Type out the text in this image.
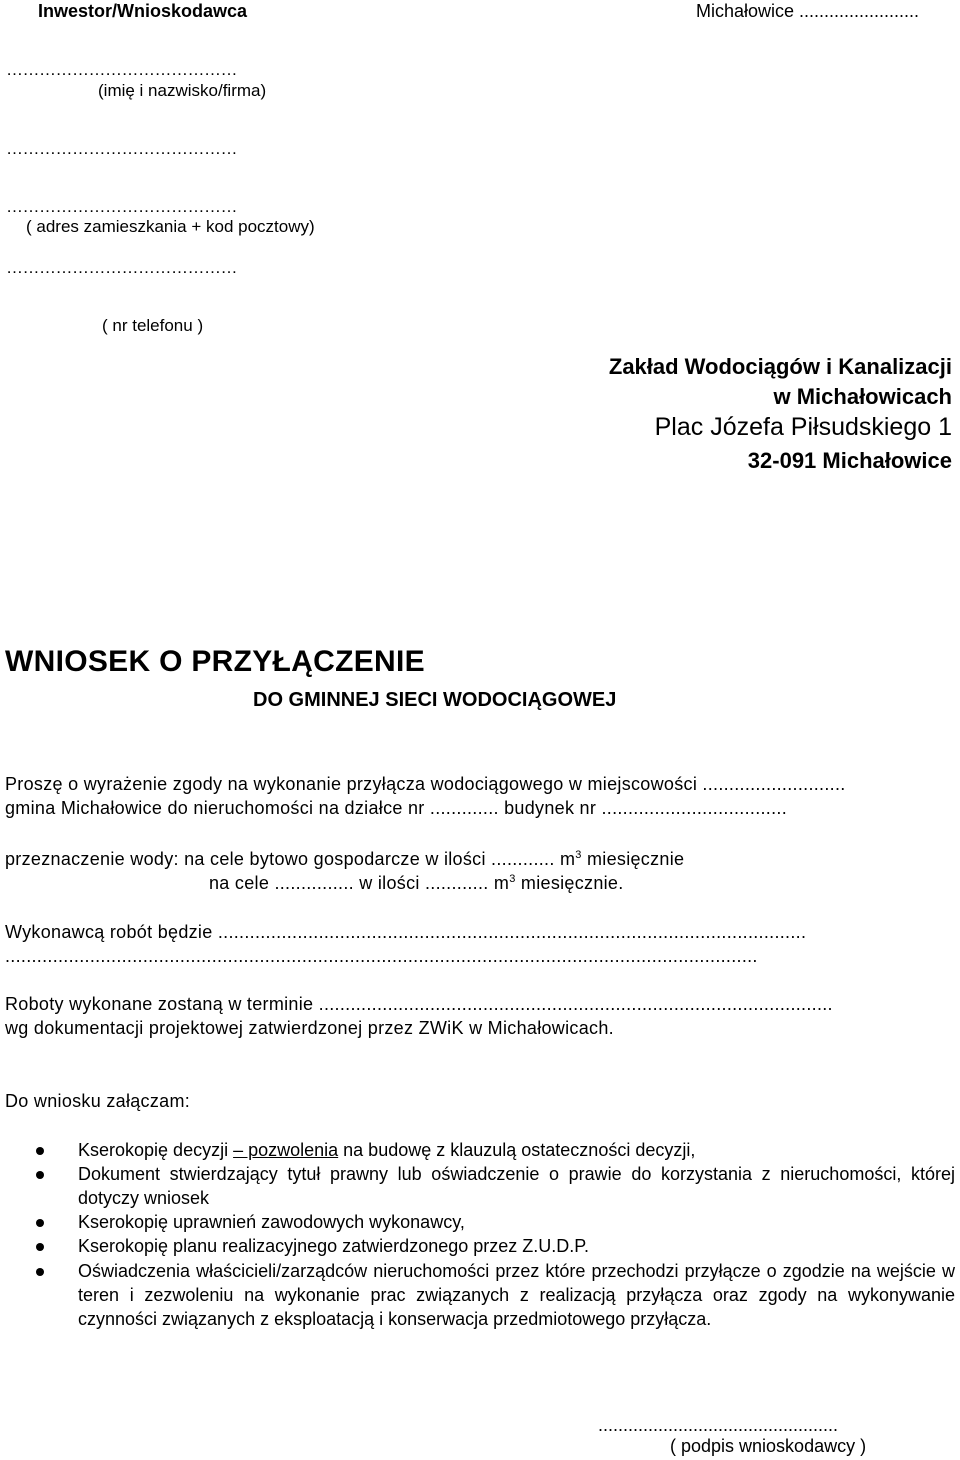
Inwestor/Wnioskodawca	Michałowice ........................
……………………………………
(imię i nazwisko/firma)
……………………………………
……………………………………
( adres zamieszkania + kod pocztowy)
……………………………………
( nr telefonu )
Zakład Wodociągów i Kanalizacji
w Michałowicach
Plac Józefa Piłsudskiego 1
32-091 Michałowice
WNIOSEK O PRZYŁĄCZENIE
DO GMINNEJ SIECI WODOCIĄGOWEJ
Proszę o wyrażenie zgody na wykonanie przyłącza wodociągowego w miejscowości ...........................
gmina Michałowice do nieruchomości na działce nr ............. budynek nr ...................................
przeznaczenie wody: na cele bytowo gospodarcze w ilości ............ $m^3$ miesięcznie
na cele ............... w ilości ............ $m^3$ miesięcznie.
Wykonawcą robót będzie ...............................................................................................................
..............................................................................................................................................
Roboty wykonane zostaną w terminie .................................................................................................
wg dokumentacji projektowej zatwierdzonej przez ZWiK w Michałowicach.
Do wniosku załączam:
Kserokopię decyzji – pozwolenia na budowę z klauzulą ostateczności decyzji,
Dokument stwierdzający tytuł prawny lub oświadczenie o prawie do korzystania z nieruchomości, której dotyczy wniosek
Kserokopię uprawnień zawodowych wykonawcy,
Kserokopię planu realizacyjnego zatwierdzonego przez Z.U.D.P.
Oświadczenia właścicieli/zarządców nieruchomości przez które przechodzi przyłącze o zgodzie na wejście w teren i zezwoleniu na wykonanie prac związanych z realizacją przyłącza oraz zgody na wykonywanie czynności związanych z eksploatacją i konserwacja przedmiotowego przyłącza.
................................................
( podpis wnioskodawcy )
